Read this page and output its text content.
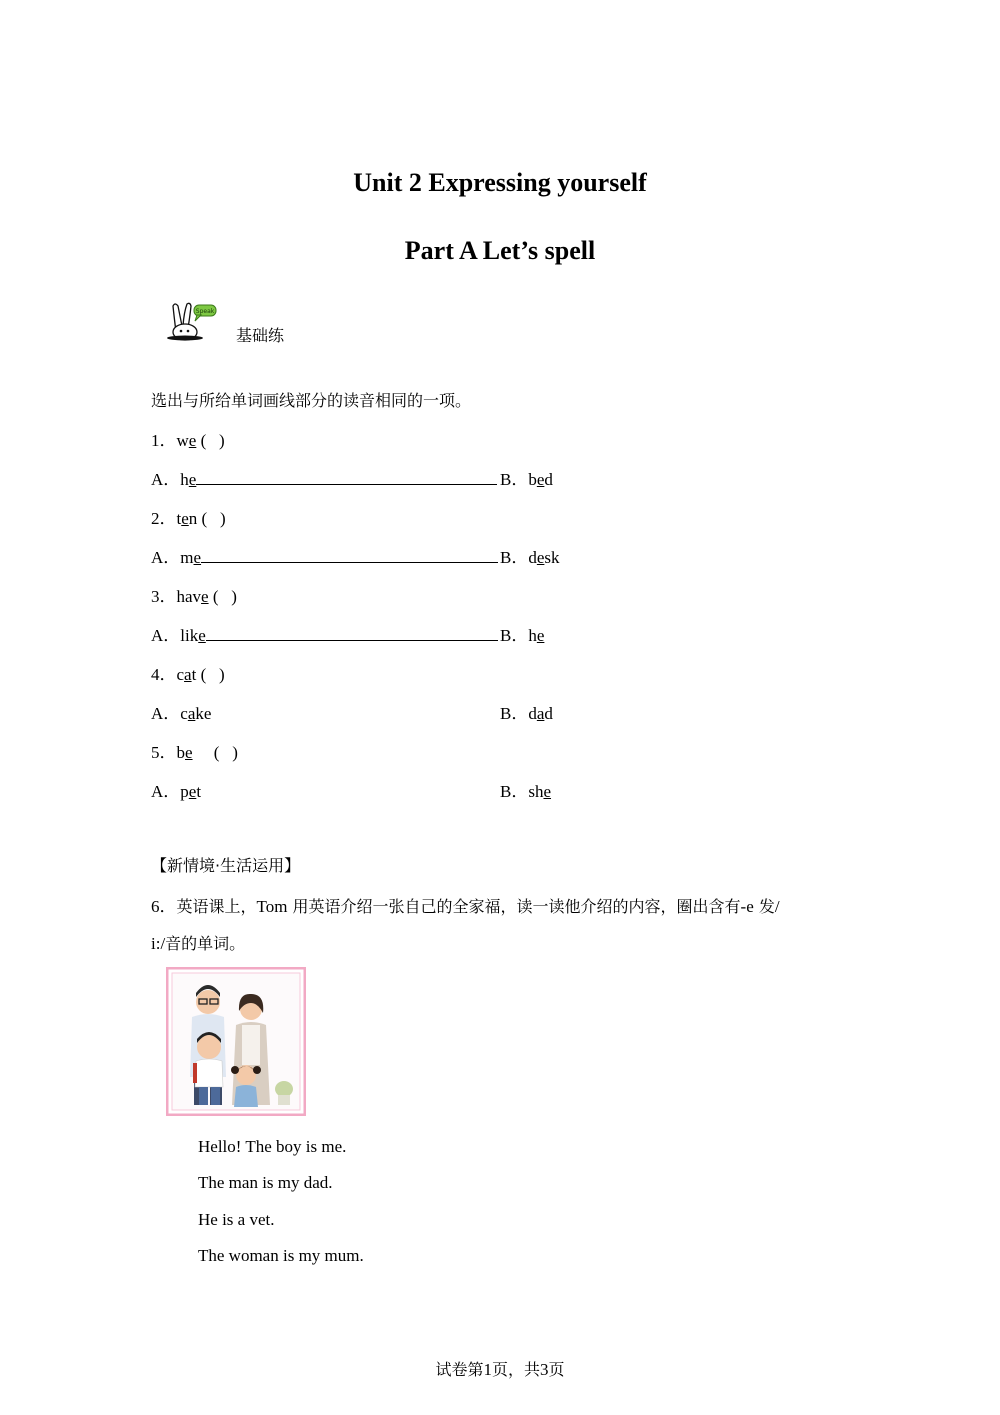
Unit 2 Expressing yourself
Part A Let’s spell
Speak
基础练
选出与所给单词画线部分的读音相同的一项。
1．we (   )
A．he	B．bed
2．ten (   )
A．me	B．desk
3．have (   )
A．like	B．he
4．cat (   )
A．cake	B．dad
5．be     (   )
A．pet	B．she
【新情境·生活运用】
6．英语课上，Tom 用英语介绍一张自己的全家福，读一读他介绍的内容，圈出含有-e 发/
i:/音的单词。
Hello! The boy is me.
The man is my dad.
He is a vet.
The woman is my mum.
试卷第1页，共3页
